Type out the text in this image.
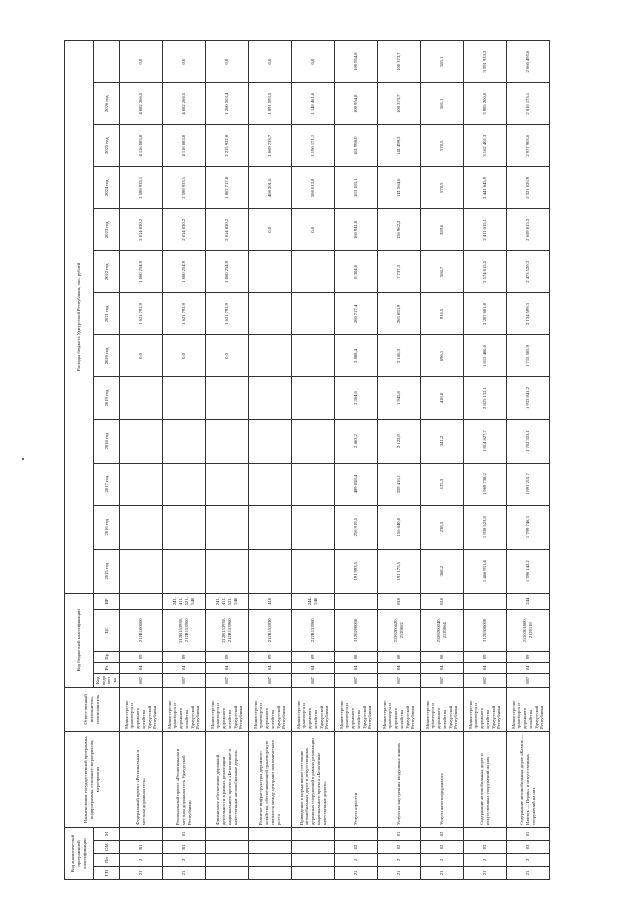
Код аналитической программной классификации				Наименование государственной программы, подпрограммы, основного мероприятия, мероприятия	Ответственный исполнитель, соисполнитель	Код бюджетной классификации					Расходы бюджета Удмуртской Республики, тыс. рублей												
ГП	Пп	ОМ	М			Код ведомства	Рз	Пр	ЦС	ВР	2015 год	2016 год	2017 год	2018 год	2019 год	2020 год	2021 год	2022 год	2023 год	2024 год	2025 год	2026 год	

21	2	R1		Федеральный проект «Региональная и местная дорожная сеть»	Министерство транспорта и дорожного хозяйства Удмуртской Республики	887	04	09	212R100000							0,0	1 621 792,9	1 860 254,9	2 014 830,2	2 598 933,1	4 116 083,8	4 082 266,5	0,0
21	2	R1	01	Региональный проект «Региональная и местная дорожная сеть Удмуртской Республики»	Министерство транспорта и дорожного хозяйства Удмуртской Республики	887	04	09	212R153930, 212R153960	241, 411, 521, 540						0,0	1 621 792,9	1 860 254,9	2 014 830,2	2 598 933,1	4 116 083,8	4 082 266,5	0,0
				Финансовое обеспечение дорожной деятельности в рамках реализации национального проекта «Безопасные и качественные автомобильные дороги»	Министерство транспорта и дорожного хозяйства Удмуртской Республики	887	04	09	212R153930, 212R153960	241, 411, 521, 540						0,0	1 621 792,9	1 860 254,9	2 014 830,2	1 867 717,8	2 215 922,8	1 260 563,4	0,0
				Развитие инфраструктуры дорожного хозяйства, обеспечивающей транспортную связность между центрами экономического роста	Министерство транспорта и дорожного хозяйства Удмуртской Республики	887	04	09	212R153930	410									0,0	468 201,6	1 669 733,7	1 891 593,5	0,0
				Приведение в нормативное состояние автомобильных дорог и искусственных дорожных сооружений в рамках реализации национального проекта «Безопасные качественные дороги»	Министерство транспорта и дорожного хозяйства Удмуртской Республики	887	04	09	212R153960	244, 540									0,0	586 013,8	1 196 171,1	1 148 461,6	0,0
21	2	02		Услуги аэросети	Министерство транспорта и дорожного хозяйства Удмуртской Республики	887	04	08	2120200000		191 993,5	256 919,5	489 058,4	2 463,2	2 364,6	3 808,4	266 717,4	8 304,0	166 941,8	163 183,1	181 996,0	100 954,8	100 954,8
21	2	02	01	Услуги на внутренних воздушных линиях	Министерство транспорта и дорожного хозяйства Удмуртской Республики	887	04	08	2120206620, 2120062	810	191 175,5	156 640,0	359 416,1	2 122,0	1 945,8	2 166,3	265 853,9	7 737,3	156 962,2	141 564,6	141 499,5	100 373,7	100 373,7
21	2	02	02	Услуги железнодорожного	Министерство транспорта и дорожного хозяйства Удмуртской Республики	887	04	08	2120206040, 2120064	810	368,2	238,3	125,3	341,2	418,8	696,1	916,5	566,7	359,6	578,5	578,5	581,1	581,1
21	2	03		Содержание автомобильных дорог и искусственных сооружений на них	Министерство транспорта и дорожного хозяйства Удмуртской Республики	887	04	09	2120300000		1 466 931,4	1 938 523,8	1 969 738,2	1 814 827,7	2 825 132,1	1 815 400,6	2 207 601,8	2 574 615,5	2 411 015,1	2 441 645,9	3 162 402,3	3 985 200,0	3 591 933,3
21	2	03	01	Содержание автомобильных дорог «Казань — Ижевск — Пермь» и искусственных сооружений на них	Министерство транспорта и дорожного хозяйства Удмуртской Республики	887	04	09	2120301800, 2120118	244	1 396 142,2	1 799 746,3	1 891 215,7	1 702 353,1	1 933 841,2	1 715 505,9	2 134 599,3	2 473 529,3	2 659 815,3	2 321 626,9	2 977 903,6	2 816 175,1	2 666 495,6
